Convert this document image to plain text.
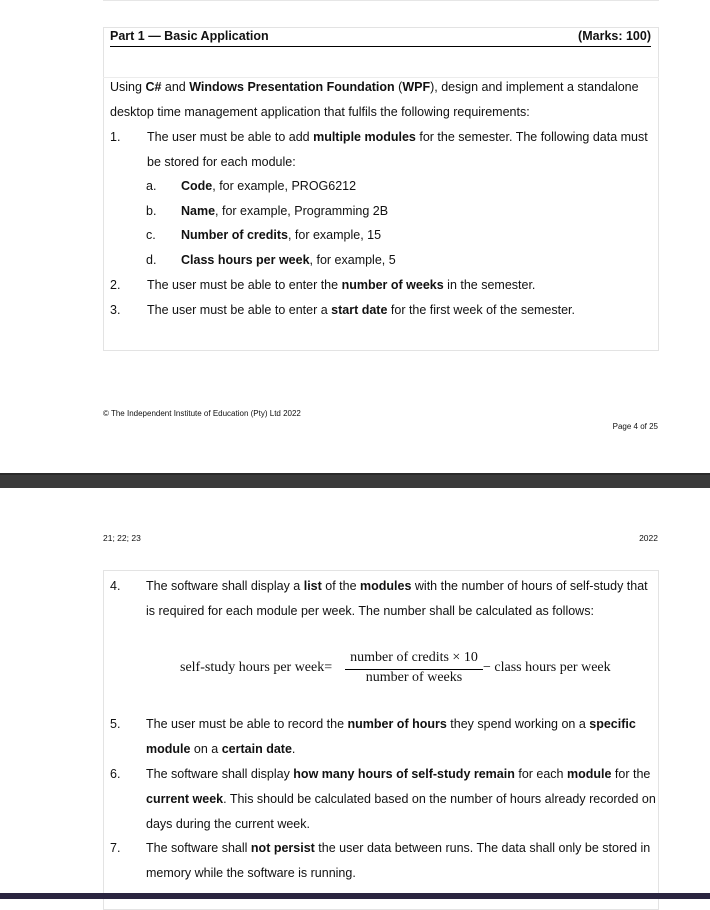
Part 1 — Basic Application	(Marks: 100)
Using C# and Windows Presentation Foundation (WPF), design and implement a standalone
desktop time management application that fulfils the following requirements:
1. The user must be able to add multiple modules for the semester. The following data must
be stored for each module:
a. Code, for example, PROG6212
b. Name, for example, Programming 2B
c. Number of credits, for example, 15
d. Class hours per week, for example, 5
2. The user must be able to enter the number of weeks in the semester.
3. The user must be able to enter a start date for the first week of the semester.
© The Independent Institute of Education (Pty) Ltd 2022
Page 4 of 25
21; 22; 23	2022
4. The software shall display a list of the modules with the number of hours of self-study that
is required for each module per week. The number shall be calculated as follows:
self-study hours per week=
number of credits × 10
number of weeks
− class hours per week
5. The user must be able to record the number of hours they spend working on a specific
module on a certain date.
6. The software shall display how many hours of self-study remain for each module for the
current week. This should be calculated based on the number of hours already recorded on
days during the current week.
7. The software shall not persist the user data between runs. The data shall only be stored in
memory while the software is running.
